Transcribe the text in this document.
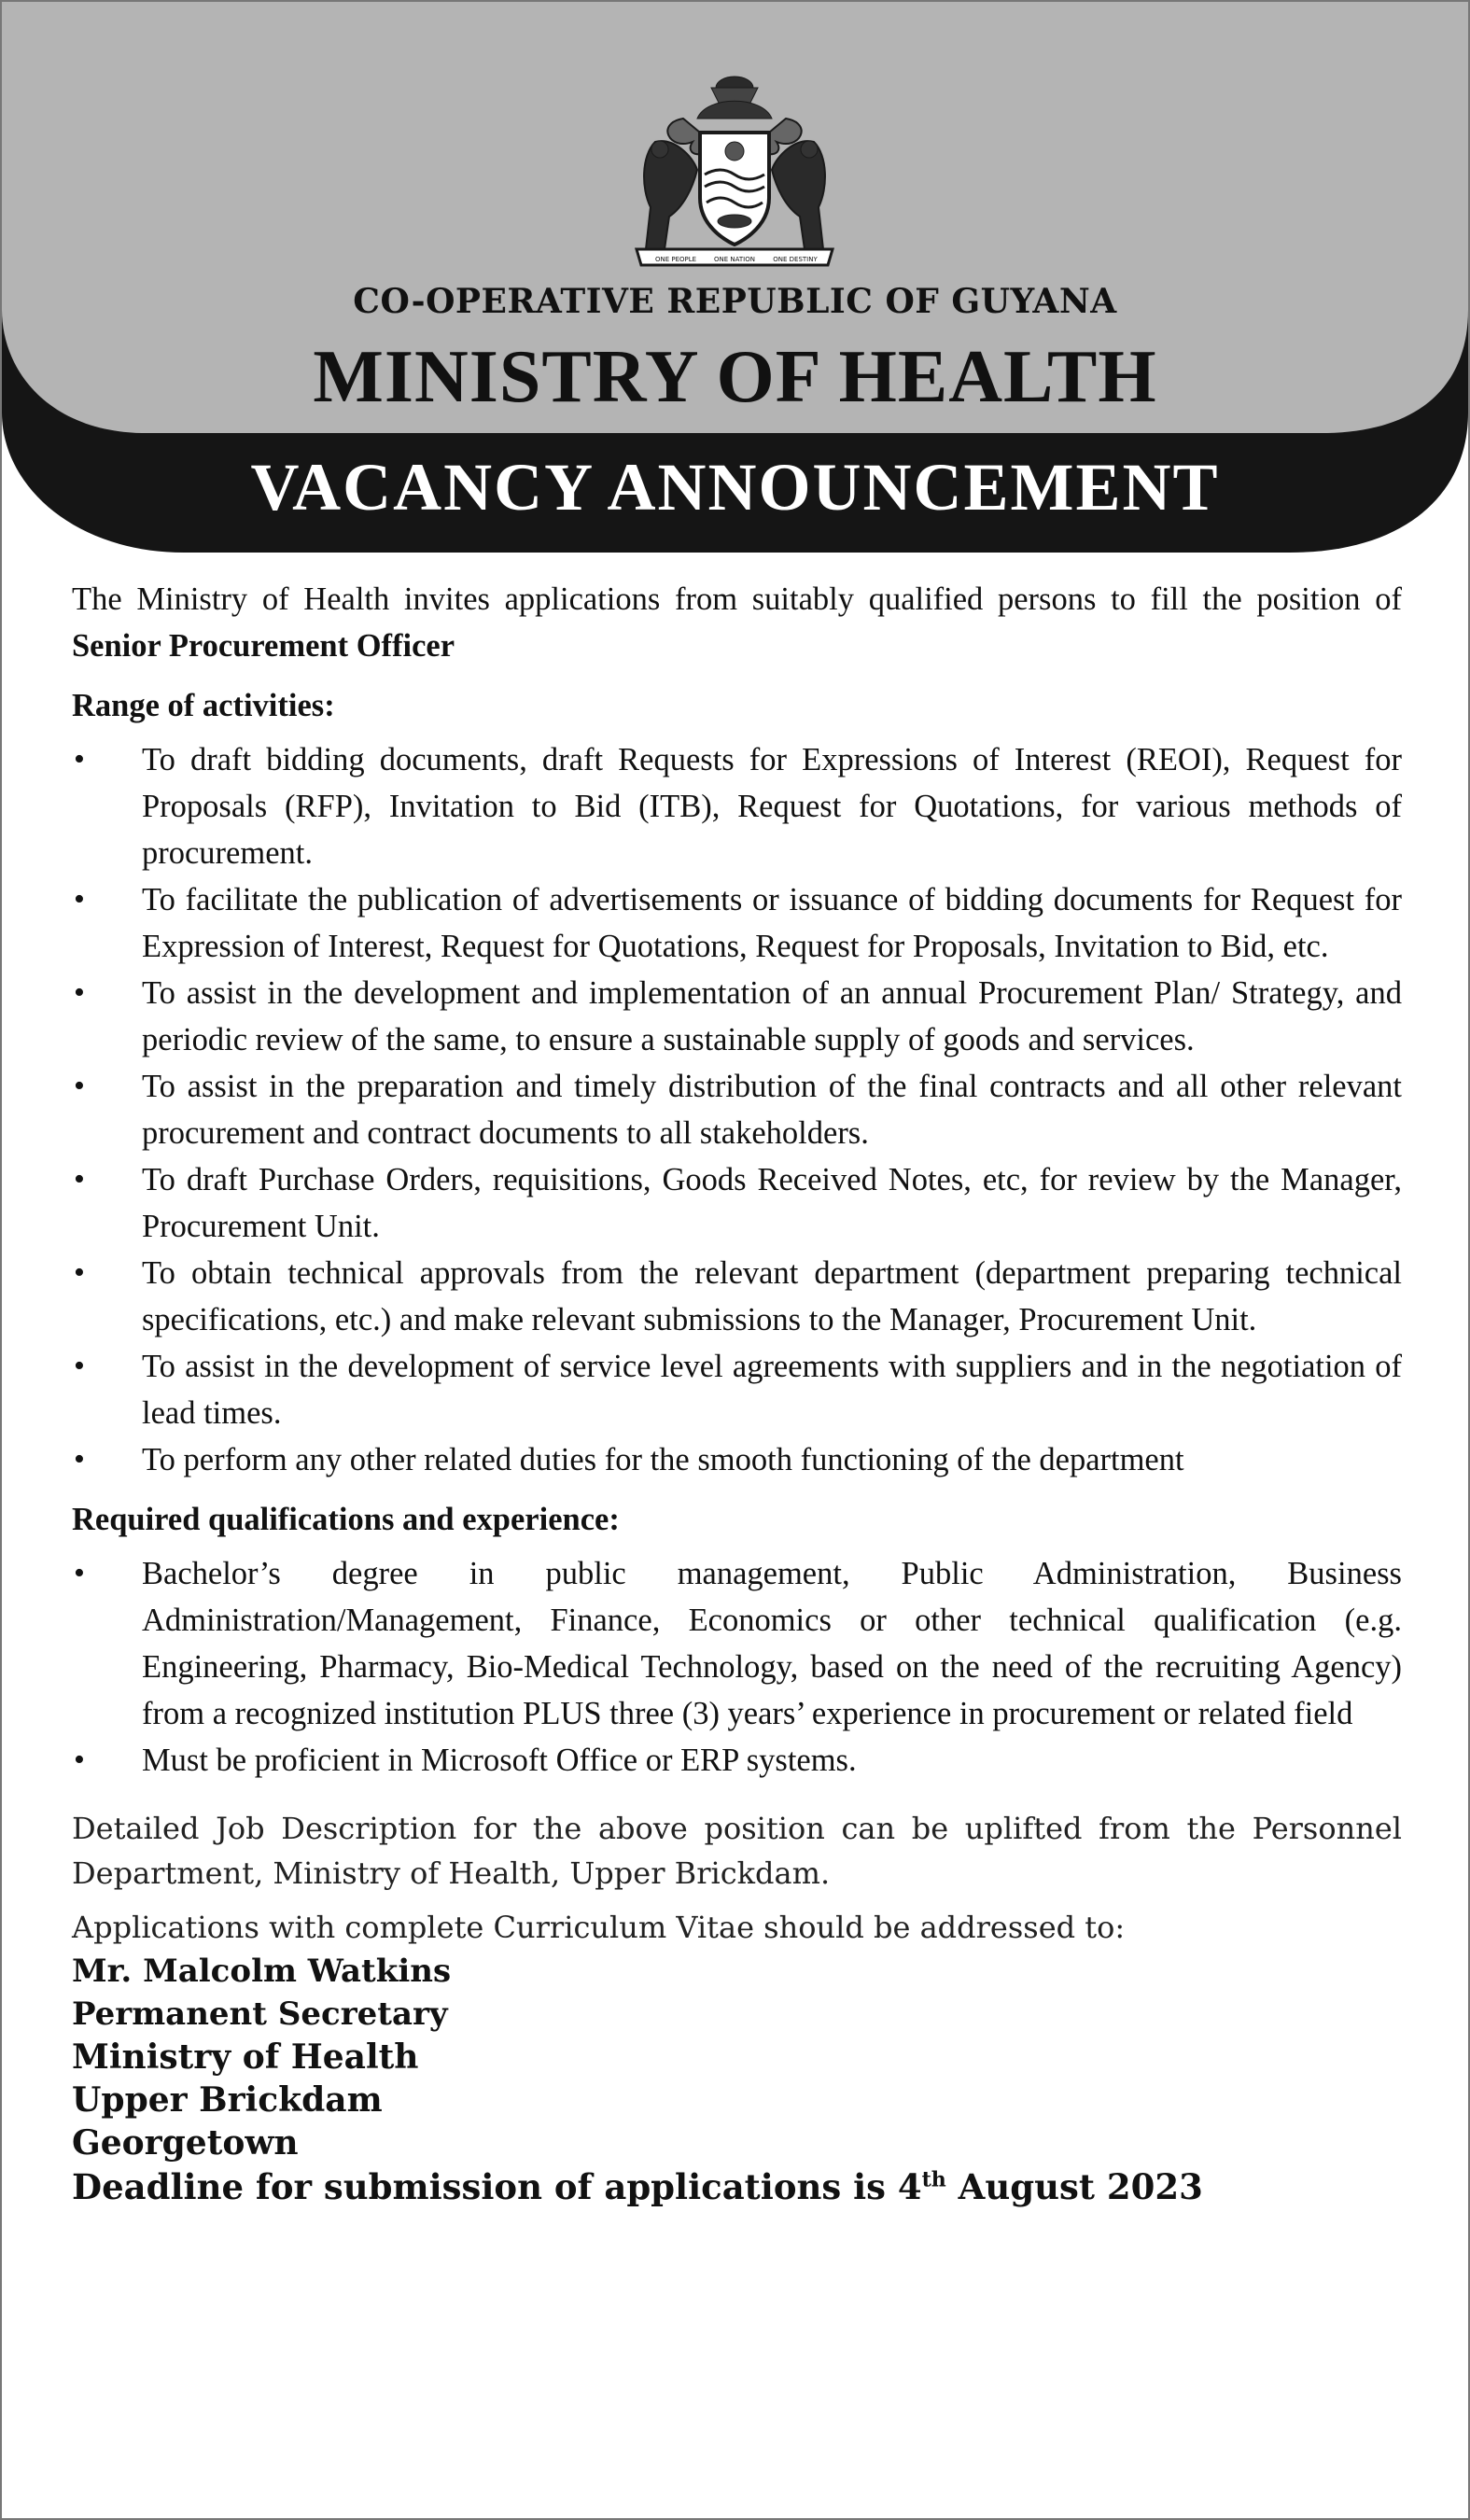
ONE PEOPLE	ONE NATION	ONE DESTINY
CO-OPERATIVE REPUBLIC OF GUYANA
MINISTRY OF HEALTH
VACANCY ANNOUNCEMENT

The Ministry of Health invites applications from suitably qualified persons to fill the position of Senior Procurement Officer

Range of activities:
• To draft bidding documents, draft Requests for Expressions of Interest (REOI), Request for Proposals (RFP), Invitation to Bid (ITB), Request for Quotations, for various methods of procurement.
• To facilitate the publication of advertisements or issuance of bidding documents for Request for Expression of Interest, Request for Quotations, Request for Proposals, Invitation to Bid, etc.
• To assist in the development and implementation of an annual Procurement Plan/ Strategy, and periodic review of the same, to ensure a sustainable supply of goods and services.
• To assist in the preparation and timely distribution of the final contracts and all other relevant procurement and contract documents to all stakeholders.
• To draft Purchase Orders, requisitions, Goods Received Notes, etc, for review by the Manager, Procurement Unit.
• To obtain technical approvals from the relevant department (department preparing technical specifications, etc.) and make relevant submissions to the Manager, Procurement Unit.
• To assist in the development of service level agreements with suppliers and in the negotiation of lead times.
• To perform any other related duties for the smooth functioning of the department
Required qualifications and experience:
• Bachelor’s degree in public management, Public Administration, Business Administration/Management, Finance, Economics or other technical qualification (e.g. Engineering, Pharmacy, Bio-Medical Technology, based on the need of the recruiting Agency) from a recognized institution PLUS three (3) years’ experience in procurement or related field
• Must be proficient in Microsoft Office or ERP systems.
Detailed Job Description for the above position can be uplifted from the Personnel Department, Ministry of Health, Upper Brickdam.
Applications with complete Curriculum Vitae should be addressed to:
Mr. Malcolm Watkins
Permanent Secretary
Ministry of Health
Upper Brickdam
Georgetown
Deadline for submission of applications is 4th August 2023
